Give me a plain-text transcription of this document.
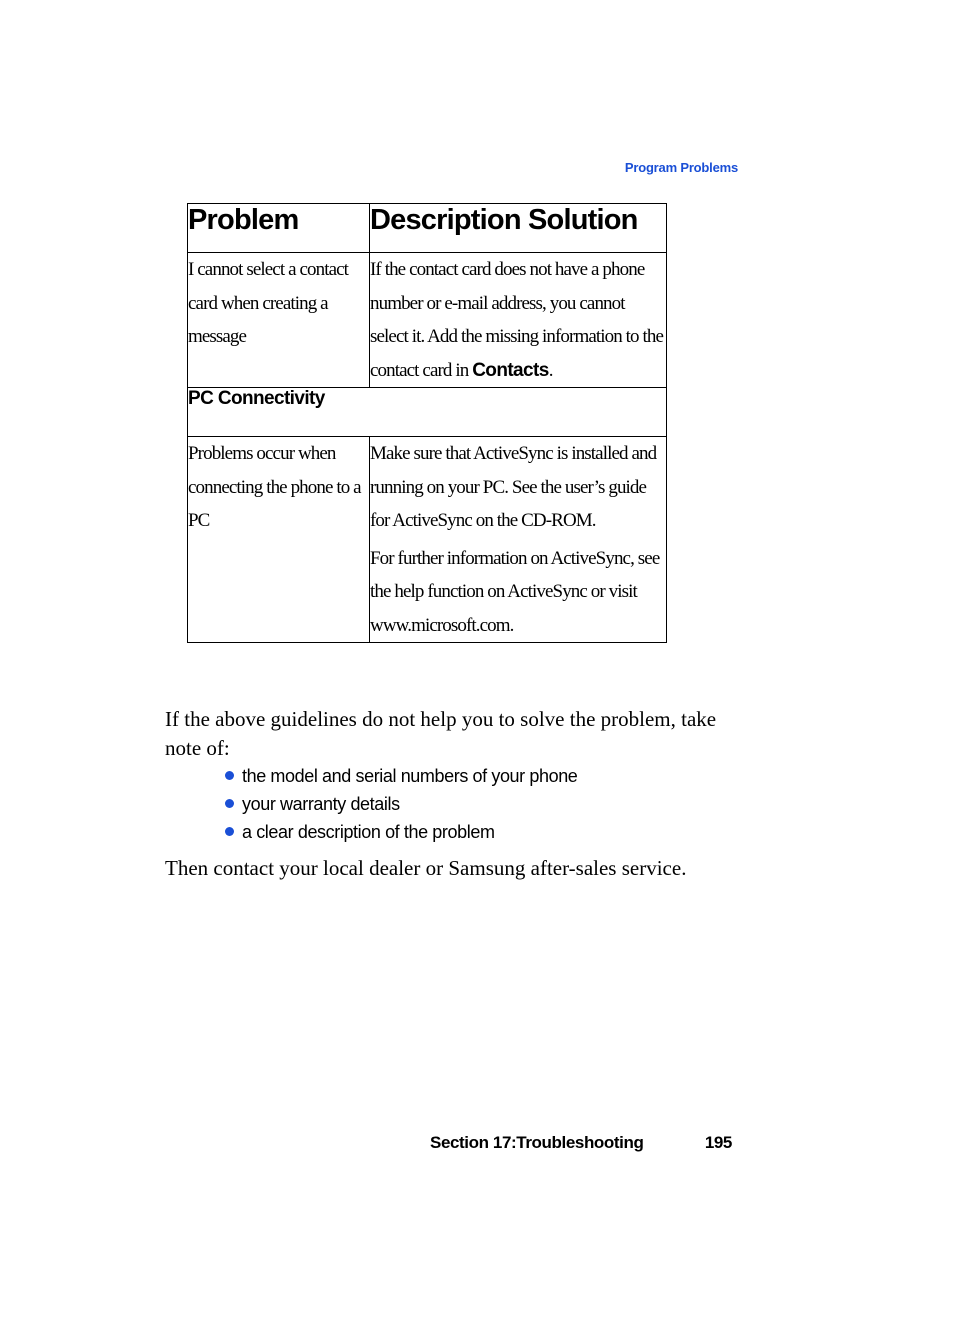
Program Problems
Problem	Description Solution
I cannot select a contact card when creating a message	If the contact card does not have a phone number or e-mail address, you cannot select it. Add the missing information to the contact card in Contacts.
PC Connectivity	
Problems occur when connecting the phone to a PC	Make sure that ActiveSync is installed and running on your PC. See the user’s guide for ActiveSync on the CD-ROM.

For further information on ActiveSync, see the help function on ActiveSync or visit www.microsoft.com.

If the above guidelines do not help you to solve the problem, take note of:

the model and serial numbers of your phone
your warranty details
a clear description of the problem

Then contact your local dealer or Samsung after-sales service.

Section 17:Troubleshooting	195
